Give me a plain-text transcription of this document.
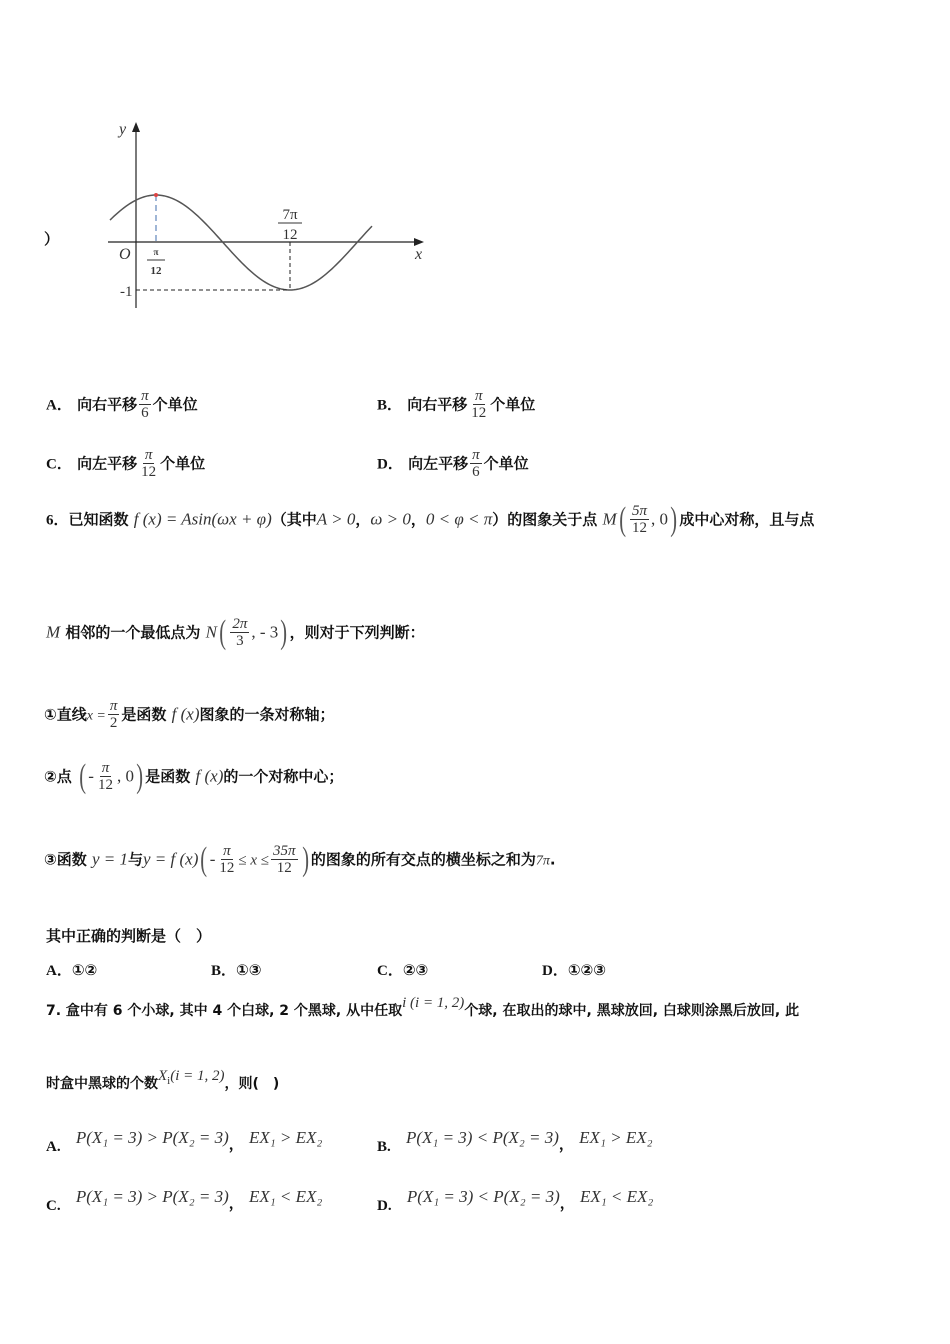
）
y
x
O	π
12
7π
12
-1
A． 向右平移 $\frac{\pi}{6}$ 个单位	B． 向右平移 $\frac{\pi}{12}$ 个单位
C． 向左平移 $\frac{\pi}{12}$ 个单位	D． 向左平移 $\frac{\pi}{6}$ 个单位
6．已知函数 f (x) = Asin(ωx + φ)（其中A > 0，ω > 0，0 < φ < π）的图象关于点 $M( \frac{5\pi}{12}$ , 0) 成中心对称，且与点
M 相邻的一个最低点为 $N( \frac{2\pi}{3}$ , - 3) ，则对于下列判断：
①直线$x = \frac{\pi}{2}$ 是函数 f (x)图象的一条对称轴；
②点 ( - $\frac{\pi}{12}$ , 0) 是函数 f (x)的一个对称中心；
③函数 y = 1与y = f $(x)( - \frac{\pi}{12} \le x \le \frac{35\pi}{12}$ ) 的图象的所有交点的横坐标之和为7π.
其中正确的判断是（　）
A．①②	B．①③	C．②③	D．①②③
7. 盒中有 6 个小球, 其中 4 个白球, 2 个黑球, 从中任取i (i = 1, 2)个球, 在取出的球中, 黑球放回, 白球则涂黑后放回, 此
时盒中黑球的个数$X_i(i = 1$, 2)，则(　)
A. P(X₁ = 3) > P(X₂ = 3)， EX₁ > EX₂	B. P(X₁ = 3) < P(X₂ = 3)， EX₁ > EX₂
C. P(X₁ = 3) > P(X₂ = 3)， EX₁ < EX₂	D. P(X₁ = 3) < P(X₂ = 3)， EX₁ < EX₂
